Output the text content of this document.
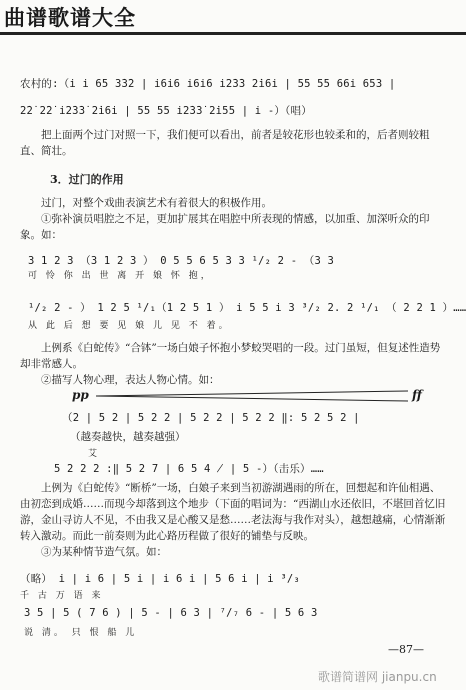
曲谱歌谱大全
农村的:（i i 65 3̇3̇2 | i6i6 i6i6 i2̇3̇3 2̇i6i | 55 55 66i 653 |
2̇2̇ 2̇2̇ i2̇3̇3̇ 2̇i6i | 55 55 i2̇3̇3̇ 2̇i55 | i -）（唱）
把上面两个过门对照一下，我们便可以看出，前者是较花形也较柔和的，后者则较粗直、简壮。
3．过门的作用
过门，对整个戏曲表演艺术有着很大的积极作用。
①弥补演员唱腔之不足，更加扩展其在唱腔中所表现的情感，以加重、加深听众的印象。如：
3 1 2 3 （3 1 2 3 ） 0 5 5 6 5 3 3 ¹/₂ 2 - （3 3
可 怜 你 出 世 离 开 娘 怀 抱，
¹/₂ 2 - ） 1 2 5 ¹/₁（1 2 5 1 ） i 5 5 i 3 ³/₂ 2. 2 ¹/₁ （ 2 2 1 ）……
从 此 后 想 要 见 娘 儿 见 不 着。
上例系《白蛇传》“合钵”一场白娘子怀抱小梦蛟哭唱的一段。过门虽短，但复述性造势却非常感人。
②描写人物心理，表达人物心情。如：
pp	ff
（2 | 5 2 | 5 2 2 | 5 2 2 | 5 2 2 ‖: 5 2 5 2 |
（越奏越快，越奏越强）
艾
5 2 2 2 :‖ 5 2 7 | 6 5 4 ̸ | 5 -）（击乐）……
上例为《白蛇传》“断桥”一场，白娘子来到当初游湖遇雨的所在，回想起和许仙相遇、由初恋到成婚……而现今却落到这个地步（下面的唱词为：“西湖山水还依旧，不堪回首忆旧游，金山寻访人不见，不由我又是心酸又是愁……老法海与我作对头），越想越痛，心情渐渐转入激动。而此一前奏则为此心路历程做了很好的铺垫与反映。
③为某种情节造气氛。如：
（略） i | i 6 | 5 i | i 6 i | 5 6 i | i ³/₃
千 古 万 语 来
3 5 | 5 ( 7 6 ) | 5 - | 6 3 | ⁷/₇ 6 - | 5 6 3
说 清。 只 恨 船 儿
—87—
歌谱简谱网 jianpu.cn
